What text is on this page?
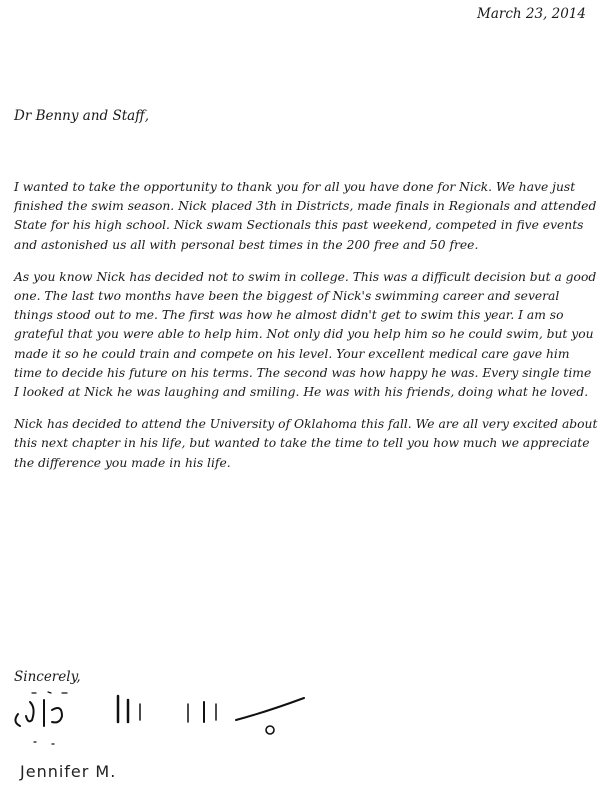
March 23, 2014
Dr Benny and Staff,

I wanted to take the opportunity to thank you for all you have done for Nick. We have just finished the swim season. Nick placed 3th in Districts, made finals in Regionals and attended State for his high school. Nick swam Sectionals this past weekend, competed in five events and astonished us all with personal best times in the 200 free and 50 free.

As you know Nick has decided not to swim in college. This was a difficult decision but a good one. The last two months have been the biggest of Nick's swimming career and several things stood out to me. The first was how he almost didn't get to swim this year. I am so grateful that you were able to help him. Not only did you help him so he could swim, but you made it so he could train and compete on his level. Your excellent medical care gave him time to decide his future on his terms. The second was how happy he was. Every single time I looked at Nick he was laughing and smiling. He was with his friends, doing what he loved.

Nick has decided to attend the University of Oklahoma this fall. We are all very excited about this next chapter in his life, but wanted to take the time to tell you how much we appreciate the difference you made in his life.

Sincerely,
Jennifer M.
